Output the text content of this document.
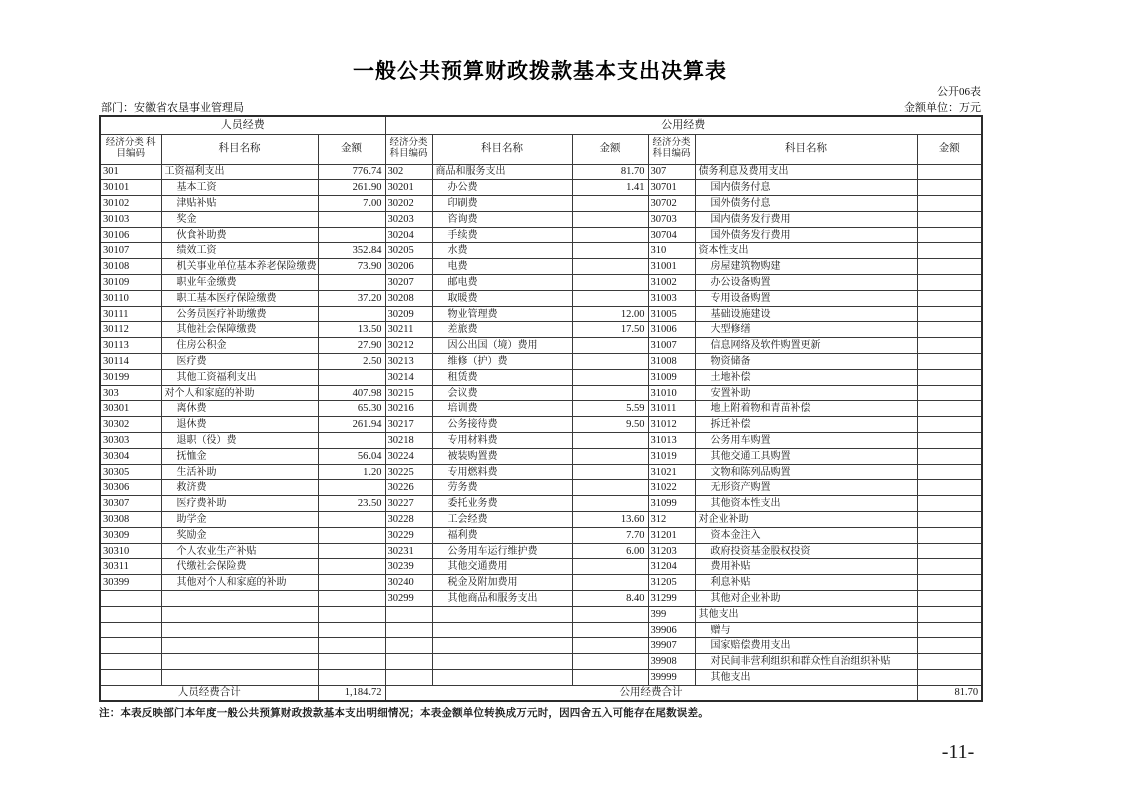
一般公共预算财政拨款基本支出决算表
公开06表
部门：安徽省农垦事业管理局	金额单位：万元
人员经费			公用经费					
经济分类 科目编码	科目名称	金额	经济分类 科目编码	科目名称	金额	经济分类 科目编码	科目名称	金额
301	工资福利支出	776.74	302	商品和服务支出	81.70	307	债务利息及费用支出	
30101	基本工资	261.90	30201	办公费	1.41	30701	国内债务付息	
30102	津贴补贴	7.00	30202	印刷费		30702	国外债务付息	
30103	奖金		30203	咨询费		30703	国内债务发行费用	
30106	伙食补助费		30204	手续费		30704	国外债务发行费用	
30107	绩效工资	352.84	30205	水费		310	资本性支出	
30108	机关事业单位基本养老保险缴费	73.90	30206	电费		31001	房屋建筑物购建	
30109	职业年金缴费		30207	邮电费		31002	办公设备购置	
30110	职工基本医疗保险缴费	37.20	30208	取暖费		31003	专用设备购置	
30111	公务员医疗补助缴费		30209	物业管理费	12.00	31005	基础设施建设	
30112	其他社会保障缴费	13.50	30211	差旅费	17.50	31006	大型修缮	
30113	住房公积金	27.90	30212	因公出国（境）费用		31007	信息网络及软件购置更新	
30114	医疗费	2.50	30213	维修（护）费		31008	物资储备	
30199	其他工资福利支出		30214	租赁费		31009	土地补偿	
303	对个人和家庭的补助	407.98	30215	会议费		31010	安置补助	
30301	离休费	65.30	30216	培训费	5.59	31011	地上附着物和青苗补偿	
30302	退休费	261.94	30217	公务接待费	9.50	31012	拆迁补偿	
30303	退职（役）费		30218	专用材料费		31013	公务用车购置	
30304	抚恤金	56.04	30224	被装购置费		31019	其他交通工具购置	
30305	生活补助	1.20	30225	专用燃料费		31021	文物和陈列品购置	
30306	救济费		30226	劳务费		31022	无形资产购置	
30307	医疗费补助	23.50	30227	委托业务费		31099	其他资本性支出	
30308	助学金		30228	工会经费	13.60	312	对企业补助	
30309	奖励金		30229	福利费	7.70	31201	资本金注入	
30310	个人农业生产补贴		30231	公务用车运行维护费	6.00	31203	政府投资基金股权投资	
30311	代缴社会保险费		30239	其他交通费用		31204	费用补贴	
30399	其他对个人和家庭的补助		30240	税金及附加费用		31205	利息补贴	
			30299	其他商品和服务支出	8.40	31299	其他对企业补助	
						399	其他支出	
						39906	赠与	
						39907	国家赔偿费用支出	
						39908	对民间非营利组织和群众性自治组织补贴	
						39999	其他支出	
人员经费合计		1,184.72	公用经费合计					81.70
注：本表反映部门本年度一般公共预算财政拨款基本支出明细情况；本表金额单位转换成万元时，因四舍五入可能存在尾数误差。
-11-
